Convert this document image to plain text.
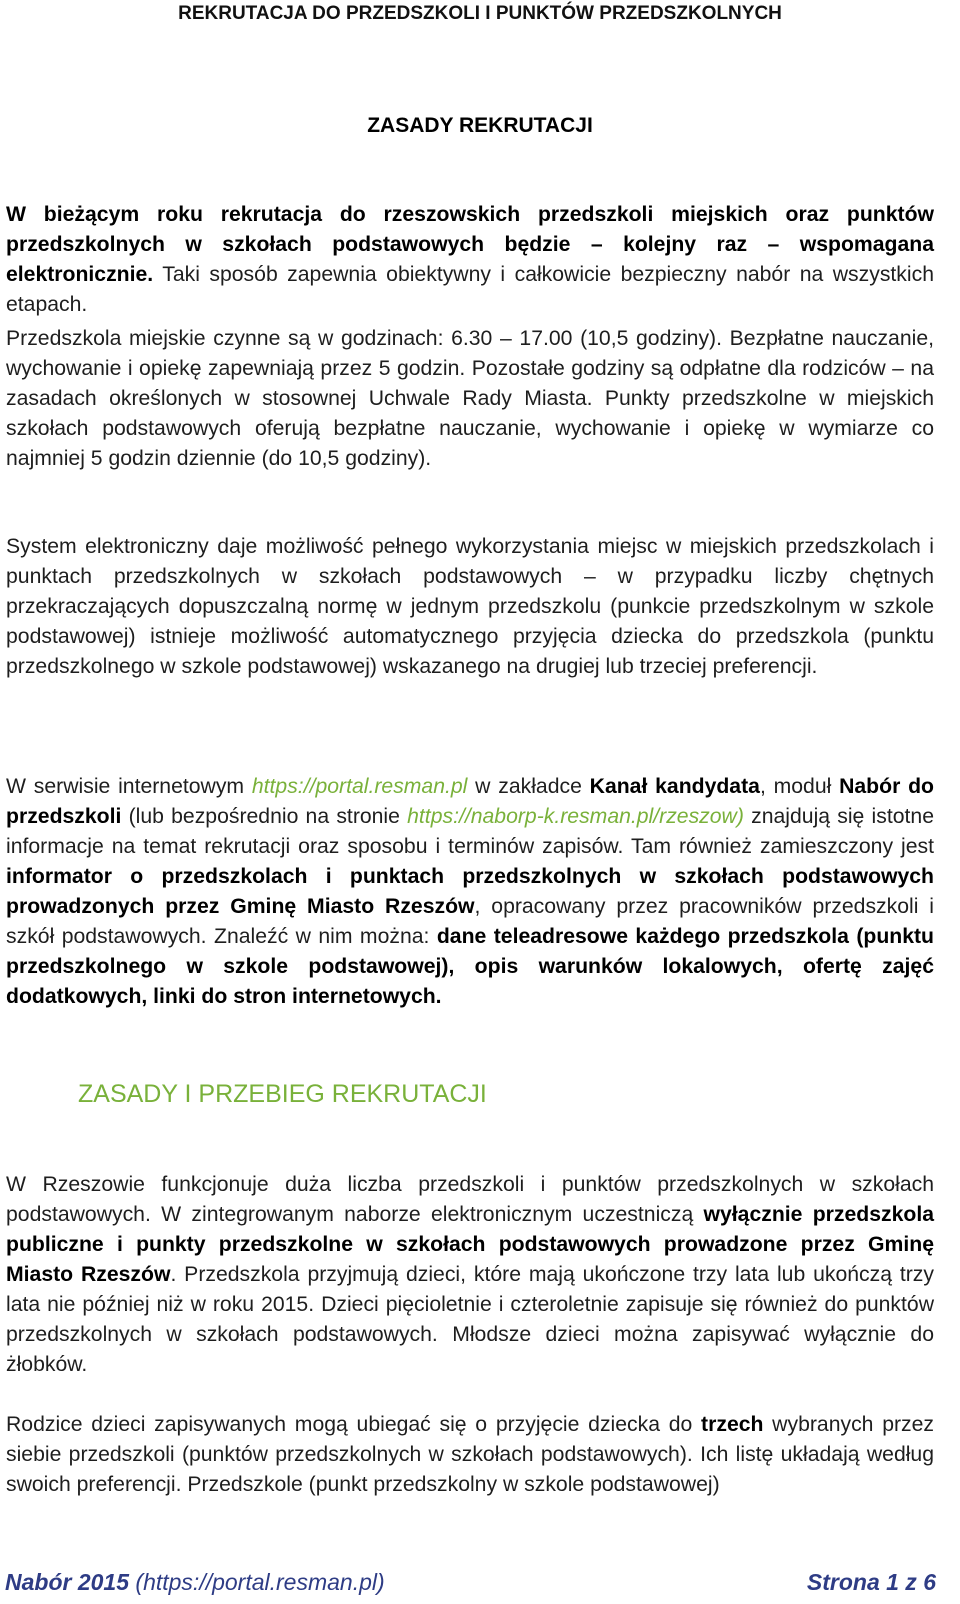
REKRUTACJA DO PRZEDSZKOLI I PUNKTÓW PRZEDSZKOLNYCH
ZASADY REKRUTACJI

W bieżącym roku rekrutacja do rzeszowskich przedszkoli miejskich oraz punktów przedszkolnych w szkołach podstawowych będzie – kolejny raz – wspomagana elektronicznie. Taki sposób zapewnia obiektywny i całkowicie bezpieczny nabór na wszystkich etapach.

Przedszkola miejskie czynne są w godzinach: 6.30 – 17.00 (10,5 godziny). Bezpłatne nauczanie, wychowanie i opiekę zapewniają przez 5 godzin. Pozostałe godziny są odpłatne dla rodziców – na zasadach określonych w stosownej Uchwale Rady Miasta. Punkty przedszkolne w miejskich szkołach podstawowych oferują bezpłatne nauczanie, wychowanie i opiekę w wymiarze co najmniej 5 godzin dziennie (do 10,5 godziny).

System elektroniczny daje możliwość pełnego wykorzystania miejsc w miejskich przedszkolach i punktach przedszkolnych w szkołach podstawowych – w przypadku liczby chętnych przekraczających dopuszczalną normę w jednym przedszkolu (punkcie przedszkolnym w szkole podstawowej) istnieje możliwość automatycznego przyjęcia dziecka do przedszkola (punktu przedszkolnego w szkole podstawowej) wskazanego na drugiej lub trzeciej preferencji.

W serwisie internetowym https://portal.resman.pl w zakładce Kanał kandydata, moduł Nabór do przedszkoli (lub bezpośrednio na stronie https://naborp-k.resman.pl/rzeszow) znajdują się istotne informacje na temat rekrutacji oraz sposobu i terminów zapisów. Tam również zamieszczony jest informator o przedszkolach i punktach przedszkolnych w szkołach podstawowych prowadzonych przez Gminę Miasto Rzeszów, opracowany przez pracowników przedszkoli i szkół podstawowych. Znaleźć w nim można: dane teleadresowe każdego przedszkola (punktu przedszkolnego w szkole podstawowej), opis warunków lokalowych, ofertę zajęć dodatkowych, linki do stron internetowych.

ZASADY I PRZEBIEG REKRUTACJI

W Rzeszowie funkcjonuje duża liczba przedszkoli i punktów przedszkolnych w szkołach podstawowych. W zintegrowanym naborze elektronicznym uczestniczą wyłącznie przedszkola publiczne i punkty przedszkolne w szkołach podstawowych prowadzone przez Gminę Miasto Rzeszów. Przedszkola przyjmują dzieci, które mają ukończone trzy lata lub ukończą trzy lata nie później niż w roku 2015. Dzieci pięcioletnie i czteroletnie zapisuje się również do punktów przedszkolnych w szkołach podstawowych. Młodsze dzieci można zapisywać wyłącznie do żłobków.

Rodzice dzieci zapisywanych mogą ubiegać się o przyjęcie dziecka do trzech wybranych przez siebie przedszkoli (punktów przedszkolnych w szkołach podstawowych). Ich listę układają według swoich preferencji. Przedszkole (punkt przedszkolny w szkole podstawowej)

Nabór 2015 (https://portal.resman.pl)	Strona 1 z 6
